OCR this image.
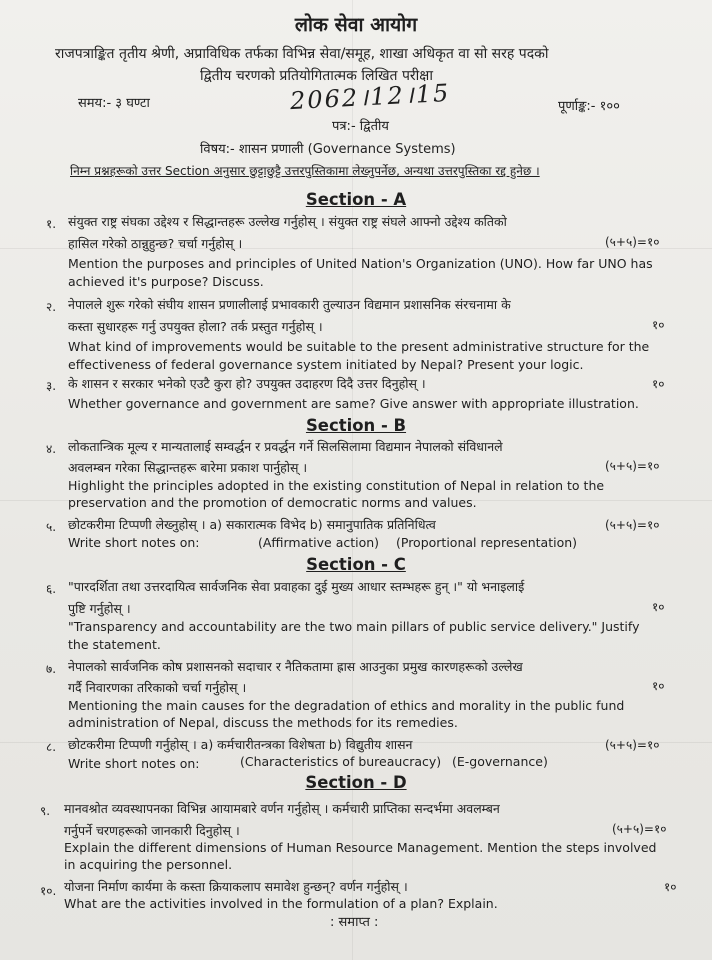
लोक सेवा आयोग
राजपत्राङ्कित तृतीय श्रेणी, अप्राविधिक तर्फका विभिन्न सेवा/समूह, शाखा अधिकृत वा सो सरह पदको
द्वितीय चरणको प्रतियोगितात्मक लिखित परीक्षा
समय:- ३ घण्टा	2062।12।15	पूर्णाङ्क:- १००
पत्र:- द्वितीय
विषय:- शासन प्रणाली (Governance Systems)
निम्न प्रश्नहरूको उत्तर Section अनुसार छुट्टाछुट्टै उत्तरपुस्तिकामा लेख्नुपर्नेछ, अन्यथा उत्तरपुस्तिका रद्द हुनेछ ।
Section - A
१. संयुक्त राष्ट्र संघका उद्देश्य र सिद्धान्तहरू उल्लेख गर्नुहोस् । संयुक्त राष्ट्र संघले आफ्नो उद्देश्य कतिको
हासिल गरेको ठान्नुहुन्छ? चर्चा गर्नुहोस् ।	(५+५)=१०
Mention the purposes and principles of United Nation's Organization (UNO). How far UNO has
achieved it's purpose? Discuss.
२. नेपालले शुरू गरेको संघीय शासन प्रणालीलाई प्रभावकारी तुल्याउन विद्यमान प्रशासनिक संरचनामा के
कस्ता सुधारहरू गर्नु उपयुक्त होला? तर्क प्रस्तुत गर्नुहोस् ।	१०
What kind of improvements would be suitable to the present administrative structure for the
effectiveness of federal governance system initiated by Nepal? Present your logic.
३. के शासन र सरकार भनेको एउटै कुरा हो? उपयुक्त उदाहरण दिदै उत्तर दिनुहोस् ।	१०
Whether governance and government are same? Give answer with appropriate illustration.
Section - B
४. लोकतान्त्रिक मूल्य र मान्यतालाई सम्वर्द्धन र प्रवर्द्धन गर्ने सिलसिलामा विद्यमान नेपालको संविधानले
अवलम्बन गरेका सिद्धान्तहरू बारेमा प्रकाश पार्नुहोस् ।	(५+५)=१०
Highlight the principles adopted in the existing constitution of Nepal in relation to the
preservation and the promotion of democratic norms and values.
५. छोटकरीमा टिप्पणी लेख्नुहोस् । a) सकारात्मक विभेद b) समानुपातिक प्रतिनिधित्व	(५+५)=१०
Write short notes on:	(Affirmative action) (Proportional representation)
Section - C
६. "पारदर्शिता तथा उत्तरदायित्व सार्वजनिक सेवा प्रवाहका दुई मुख्य आधार स्तम्भहरू हुन् ।" यो भनाइलाई
पुष्टि गर्नुहोस् ।	१०
"Transparency and accountability are the two main pillars of public service delivery." Justify
the statement.
७. नेपालको सार्वजनिक कोष प्रशासनको सदाचार र नैतिकतामा ह्रास आउनुका प्रमुख कारणहरूको उल्लेख
गर्दै निवारणका तरिकाको चर्चा गर्नुहोस् ।	१०
Mentioning the main causes for the degradation of ethics and morality in the public fund
administration of Nepal, discuss the methods for its remedies.
८. छोटकरीमा टिप्पणी गर्नुहोस् । a) कर्मचारीतन्त्रका विशेषता b) विद्युतीय शासन	(५+५)=१०
Write short notes on:	(Characteristics of bureaucracy) (E-governance)
Section - D
९. मानवश्रोत व्यवस्थापनका विभिन्न आयामबारे वर्णन गर्नुहोस् । कर्मचारी प्राप्तिका सन्दर्भमा अवलम्बन
गर्नुपर्ने चरणहरूको जानकारी दिनुहोस् ।	(५+५)=१०
Explain the different dimensions of Human Resource Management. Mention the steps involved
in acquiring the personnel.
१०. योजना निर्माण कार्यमा के कस्ता क्रियाकलाप समावेश हुन्छन्? वर्णन गर्नुहोस् ।	१०
What are the activities involved in the formulation of a plan? Explain.
: समाप्त :
